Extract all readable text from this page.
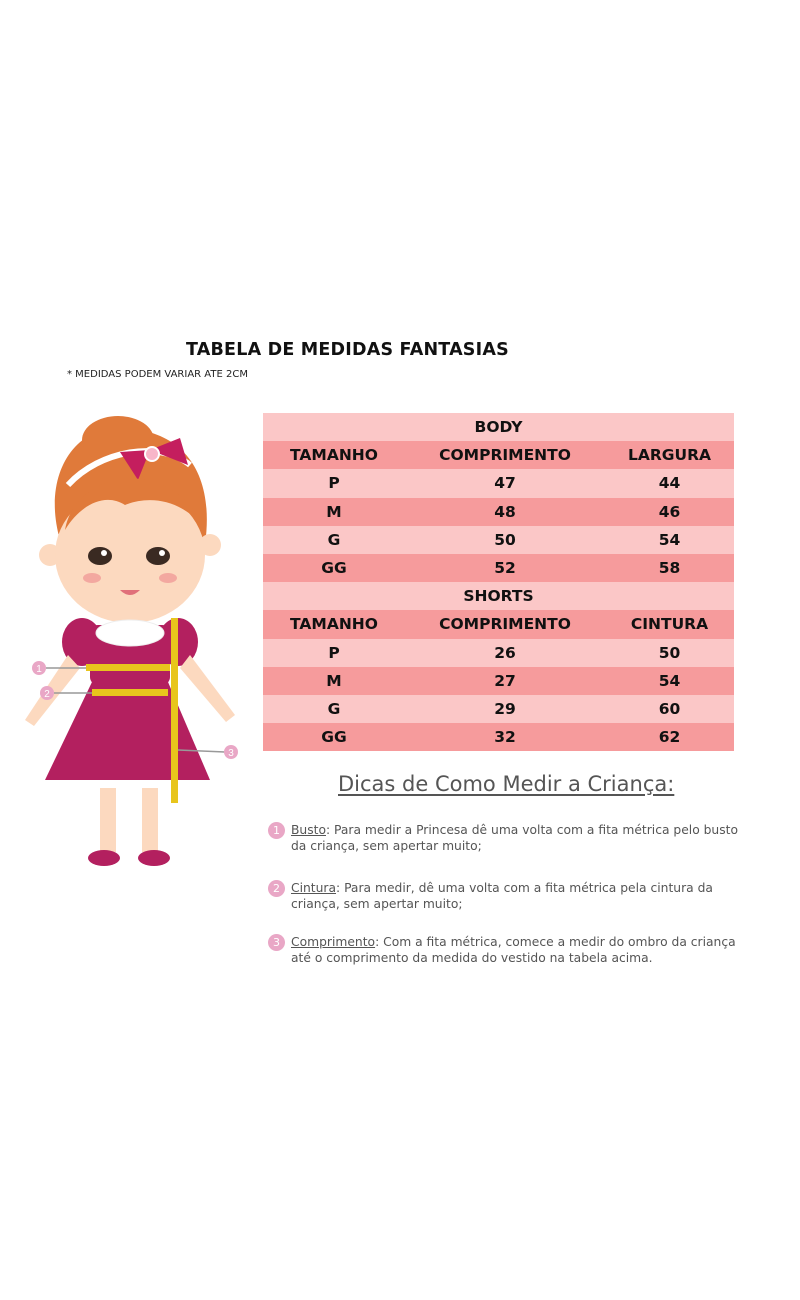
TABELA DE MEDIDAS FANTASIAS
* MEDIDAS PODEM VARIAR ATE 2CM
1
2
3
BODY		
TAMANHO	COMPRIMENTO	LARGURA
P	47	44
M	48	46
G	50	54
GG	52	58
SHORTS		
TAMANHO	COMPRIMENTO	CINTURA
P	26	50
M	27	54
G	29	60
GG	32	62
Dicas de Como Medir a Criança:
1 Busto: Para medir a Princesa dê uma volta com a fita métrica pelo busto da criança, sem apertar muito;
2 Cintura: Para medir, dê uma volta com a fita métrica pela cintura da criança, sem apertar muito;
3 Comprimento: Com a fita métrica, comece a medir do ombro da criança até o comprimento da medida do vestido na tabela acima.
